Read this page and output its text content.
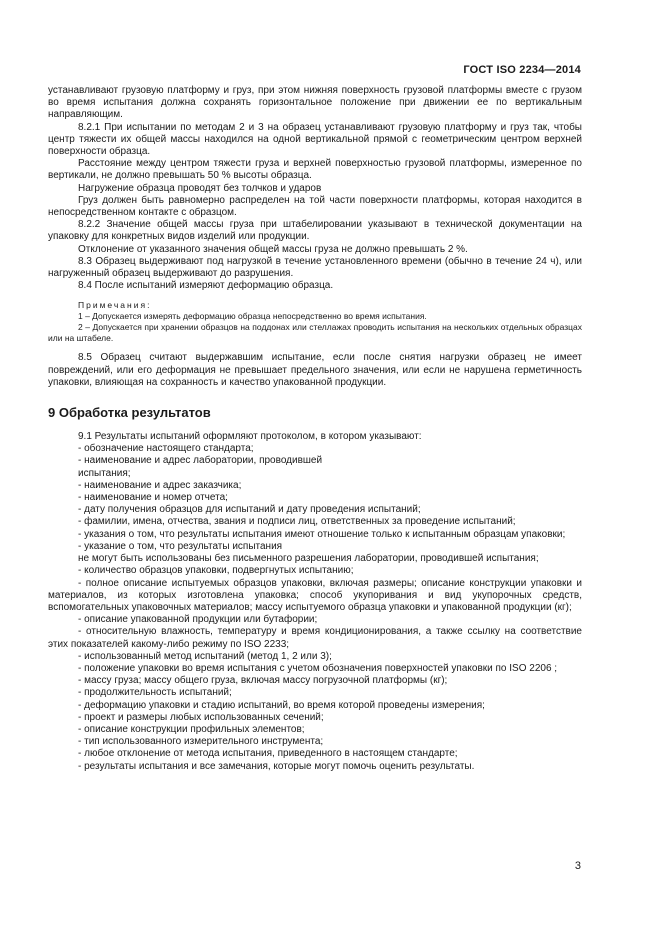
ГОСТ ISO 2234—2014

устанавливают грузовую платформу и груз, при этом нижняя поверхность грузовой платформы вместе с грузом во время испытания должна сохранять горизонтальное положение при движении ее по вертикальным направляющим.

8.2.1 При испытании по методам 2 и 3 на образец устанавливают грузовую платформу и груз так, чтобы центр тяжести их общей массы находился на одной вертикальной прямой с геометрическим центром верхней поверхности образца.

Расстояние между центром тяжести груза и верхней поверхностью грузовой платформы, измеренное по вертикали, не должно превышать 50 % высоты образца.

Нагружение образца проводят без толчков и ударов

Груз должен быть равномерно распределен на той части поверхности платформы, которая находится в непосредственном контакте с образцом.

8.2.2 Значение общей массы груза при штабелировании указывают в технической документации на упаковку для конкретных видов изделий или продукции.

Отклонение от указанного значения общей массы груза не должно превышать 2 %.

8.3 Образец выдерживают под нагрузкой в течение установленного времени (обычно в течение 24 ч), или нагруженный образец выдерживают до разрушения.

8.4 После испытаний измеряют деформацию образца.

Примечания:

1 – Допускается измерять деформацию образца непосредственно во время испытания.

2 – Допускается при хранении образцов на поддонах или стеллажах проводить испытания на нескольких отдельных образцах или на штабеле.

8.5 Образец считают выдержавшим испытание, если после снятия нагрузки образец не имеет повреждений, или его деформация не превышает предельного значения, или если не нарушена герметичность упаковки, влияющая на сохранность и качество упакованной продукции.

9 Обработка результатов

9.1 Результаты испытаний оформляют протоколом, в котором указывают:

- обозначение настоящего стандарта;

- наименование и адрес лаборатории, проводившей

испытания;

- наименование и адрес заказчика;

- наименование и номер отчета;

- дату получения образцов для испытаний и дату проведения испытаний;

- фамилии, имена, отчества, звания и подписи лиц, ответственных за проведение испытаний;

- указания о том, что результаты испытания имеют отношение только к испытанным образцам упаковки;

- указание о том, что результаты испытания

не могут быть использованы без письменного разрешения лаборатории, проводившей испытания;

- количество образцов упаковки, подвергнутых испытанию;

- полное описание испытуемых образцов упаковки, включая размеры; описание конструкции упаковки и материалов, из которых изготовлена упаковка; способ укупоривания и вид укупорочных средств, вспомогательных упаковочных материалов; массу испытуемого образца упаковки и упакованной продукции (кг);

- описание упакованной продукции или бутафории;

- относительную влажность, температуру и время кондиционирования, а также ссылку на соответствие этих показателей какому-либо режиму по ISO 2233;

- использованный метод испытаний (метод 1, 2 или 3);

- положение упаковки во время испытания с учетом обозначения поверхностей упаковки по ISO 2206 ;

- массу груза; массу общего груза, включая массу погрузочной платформы (кг);

- продолжительность испытаний;

- деформацию упаковки и стадию испытаний, во время которой проведены измерения;

- проект и размеры любых использованных сечений;

- описание конструкции профильных элементов;

- тип использованного измерительного инструмента;

- любое отклонение от метода испытания, приведенного в настоящем стандарте;

- результаты испытания и все замечания, которые могут помочь оценить результаты.

3
